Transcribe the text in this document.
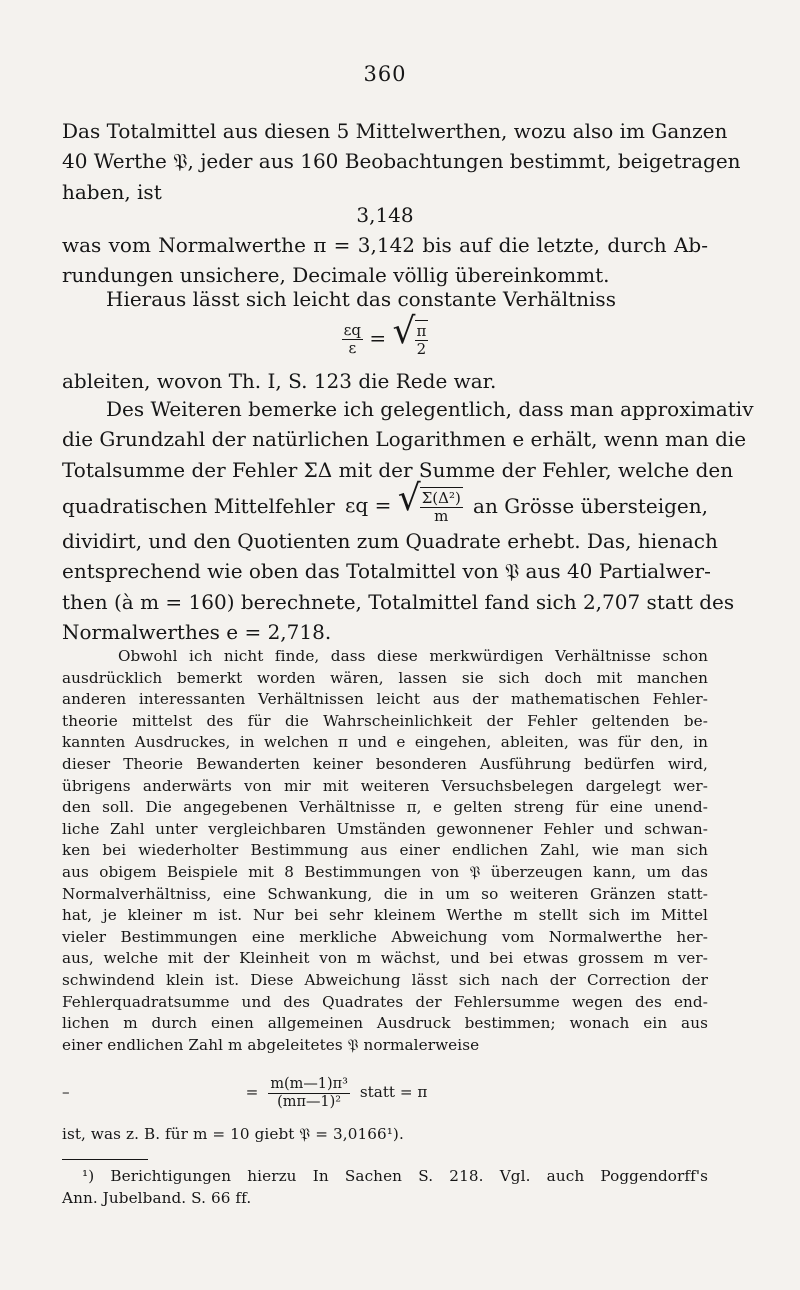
360
Das Totalmittel aus diesen 5 Mittelwerthen, wozu also im Ganzen
40 Werthe 𝔓, jeder aus 160 Beobachtungen bestimmt, beigetragen
haben, ist
3,148
was vom Normalwerthe π = 3,142 bis auf die letzte, durch Ab-
rundungen unsichere, Decimale völlig übereinkommt.
Hieraus lässt sich leicht das constante Verhältniss
$\frac{\varepsilon q}{\varepsilon}$ = √ $\frac{\pi}{2}$
ableiten, wovon Th. I, S. 123 die Rede war.
Des Weiteren bemerke ich gelegentlich, dass man approximativ
die Grundzahl der natürlichen Logarithmen e erhält, wenn man die
Totalsumme der Fehler ΣΔ mit der Summe der Fehler, welche den
quadratischen Mittelfehler εq = √ $\frac{\text{Σ(Δ²)}}{m}$ an Grösse übersteigen,
dividirt, und den Quotienten zum Quadrate erhebt. Das, hienach
entsprechend wie oben das Totalmittel von 𝔓 aus 40 Partialwer-
then (à m = 160) berechnete, Totalmittel fand sich 2,707 statt des
Normalwerthes e = 2,718.
Obwohl ich nicht finde, dass diese merkwürdigen Verhältnisse schon
ausdrücklich bemerkt worden wären, lassen sie sich doch mit manchen
anderen interessanten Verhältnissen leicht aus der mathematischen Fehler-
theorie mittelst des für die Wahrscheinlichkeit der Fehler geltenden be-
kannten Ausdruckes, in welchen π und e eingehen, ableiten, was für den, in
dieser Theorie Bewanderten keiner besonderen Ausführung bedürfen wird,
übrigens anderwärts von mir mit weiteren Versuchsbelegen dargelegt wer-
den soll. Die angegebenen Verhältnisse π, e gelten streng für eine unend-
liche Zahl unter vergleichbaren Umständen gewonnener Fehler und schwan-
ken bei wiederholter Bestimmung aus einer endlichen Zahl, wie man sich
aus obigem Beispiele mit 8 Bestimmungen von 𝔓 überzeugen kann, um das
Normalverhältniss, eine Schwankung, die in um so weiteren Gränzen statt-
hat, je kleiner m ist. Nur bei sehr kleinem Werthe m stellt sich im Mittel
vieler Bestimmungen eine merkliche Abweichung vom Normalwerthe her-
aus, welche mit der Kleinheit von m wächst, und bei etwas grossem m ver-
schwindend klein ist. Diese Abweichung lässt sich nach der Correction der
Fehlerquadratsumme und des Quadrates der Fehlersumme wegen des end-
lichen m durch einen allgemeinen Ausdruck bestimmen; wonach ein aus
einer endlichen Zahl m abgeleitetes 𝔓 normalerweise
–	= $\frac{\text{m(m—1)π³}}{\text{(mπ—1)²}}$ statt = π
ist, was z. B. für m = 10 giebt 𝔓 = 3,0166¹).
¹) Berichtigungen hierzu In Sachen S. 218. Vgl. auch Poggendorff's
Ann. Jubelband. S. 66 ff.
